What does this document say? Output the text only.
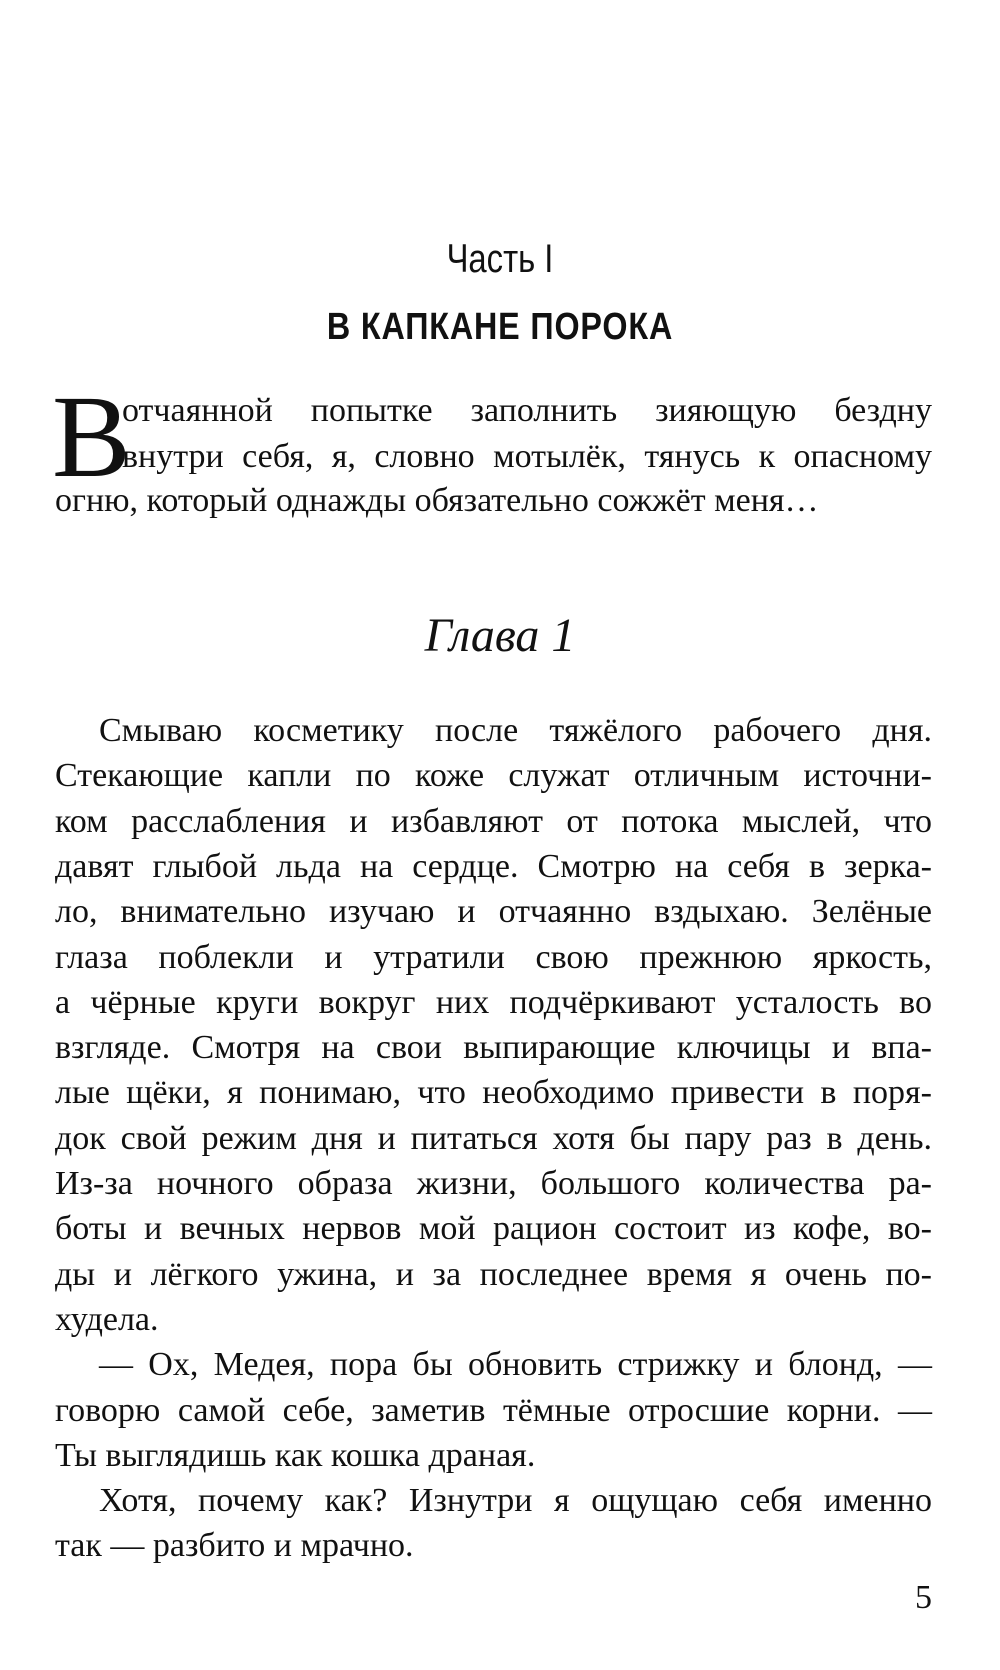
Часть I
В КАПКАНЕ ПОРОКА
В
отчаянной попытке заполнить зияющую бездну
внутри себя, я, словно мотылёк, тянусь к опасному
огню, который однажды обязательно сожжёт меня…
Глава 1
Смываю косметику после тяжёлого рабочего дня.
Стекающие капли по коже служат отличным источни-
ком расслабления и избавляют от потока мыслей, что
давят глыбой льда на сердце. Смотрю на себя в зерка-
ло, внимательно изучаю и отчаянно вздыхаю. Зелёные
глаза поблекли и утратили свою прежнюю яркость,
а чёрные круги вокруг них подчёркивают усталость во
взгляде. Смотря на свои выпирающие ключицы и впа-
лые щёки, я понимаю, что необходимо привести в поря-
док свой режим дня и питаться хотя бы пару раз в день.
Из-за ночного образа жизни, большого количества ра-
боты и вечных нервов мой рацион состоит из кофе, во-
ды и лёгкого ужина, и за последнее время я очень по-
худела.
— Ох, Медея, пора бы обновить стрижку и блонд, —
говорю самой себе, заметив тёмные отросшие корни. —
Ты выглядишь как кошка драная.
Хотя, почему как? Изнутри я ощущаю себя именно
так — разбито и мрачно.
5
